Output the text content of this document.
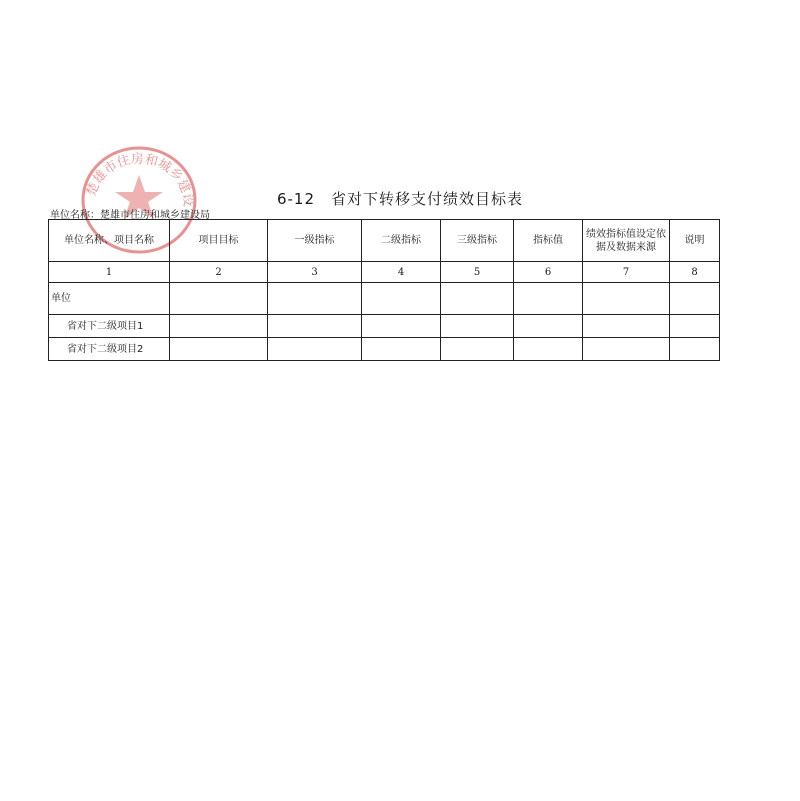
楚雄市住房和城乡建设	6-12　省对下转移支付绩效目标表
单位名称：楚雄市住房和城乡建设局
单位名称、项目名称	项目目标	一级指标	二级指标	三级指标	指标值	绩效指标值设定依据及数据来源	说明
1	2	3	4	5	6	7	8
单位							
省对下二级项目1							
省对下二级项目2							
